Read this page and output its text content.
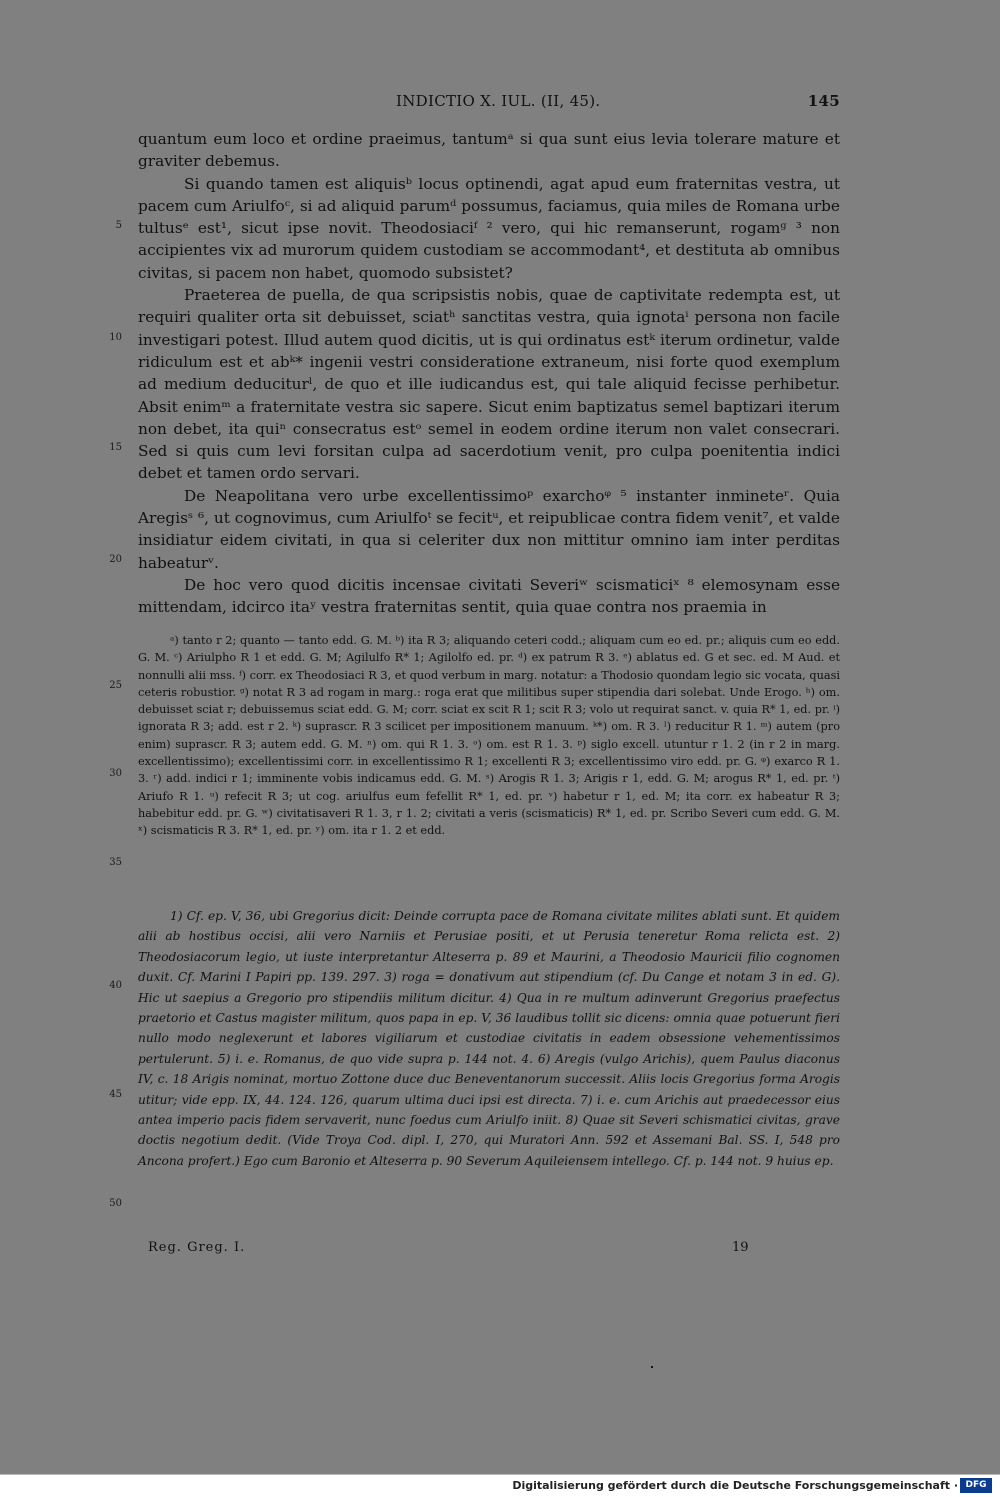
INDICTIO X. IUL. (II, 45).	145

quantum eum loco et ordine praeimus, tantumᵃ si qua sunt eius levia tolerare mature et graviter debemus.

Si quando tamen est aliquisᵇ locus optinendi, agat apud eum fraternitas vestra, ut pacem cum Ariulfoᶜ, si ad aliquid parumᵈ possumus, faciamus, quia miles de Romana urbe tultusᵉ est¹, sicut ipse novit. Theodosiaciᶠ ² vero, qui hic remanserunt, rogamᵍ ³ non accipientes vix ad murorum quidem custodiam se accommodant⁴, et destituta ab omnibus civitas, si pacem non habet, quomodo subsistet?

Praeterea de puella, de qua scripsistis nobis, quae de captivitate redempta est, ut requiri qualiter orta sit debuisset, sciatʰ sanctitas vestra, quia ignotaⁱ persona non facile investigari potest. Illud autem quod dicitis, ut is qui ordinatus estᵏ iterum ordinetur, valde ridiculum est et abᵏ* ingenii vestri consideratione extraneum, nisi forte quod exemplum ad medium deduciturˡ, de quo et ille iudicandus est, qui tale aliquid fecisse perhibetur. Absit enimᵐ a fraternitate vestra sic sapere. Sicut enim baptizatus semel baptizari iterum non debet, ita quiⁿ consecratus estᵒ semel in eodem ordine iterum non valet consecrari. Sed si quis cum levi forsitan culpa ad sacerdotium venit, pro culpa poenitentia indici debet et tamen ordo servari.

De Neapolitana vero urbe excellentissimoᵖ exarchoᵠ ⁵ instanter inmineteʳ. Quia Aregisˢ ⁶, ut cognovimus, cum Ariulfoᵗ se fecitᵘ, et reipublicae contra fidem venit⁷, et valde insidiatur eidem civitati, in qua si celeriter dux non mittitur omnino iam inter perditas habeaturᵛ.

De hoc vero quod dicitis incensae civitati Severiʷ scismaticiˣ ⁸ elemosynam esse mittendam, idcirco itaʸ vestra fraternitas sentit, quia quae contra nos praemia in

5
10
15
20
25
30
35
40
45
50

ᵃ) tanto r 2; quanto — tanto edd. G. M. ᵇ) ita R 3; aliquando ceteri codd.; aliquam cum eo ed. pr.; aliquis cum eo edd. G. M. ᶜ) Ariulpho R 1 et edd. G. M; Agilulfo R* 1; Agilolfo ed. pr. ᵈ) ex patrum R 3. ᵉ) ablatus ed. G et sec. ed. M Aud. et nonnulli alii mss. ᶠ) corr. ex Theodosiaci R 3, et quod verbum in marg. notatur: a Thodosio quondam legio sic vocata, quasi ceteris robustior. ᵍ) notat R 3 ad rogam in marg.: roga erat que militibus super stipendia dari solebat. Unde Erogo. ʰ) om. debuisset sciat r; debuissemus sciat edd. G. M; corr. sciat ex scit R 1; scit R 3; volo ut requirat sanct. v. quia R* 1, ed. pr. ⁱ) ignorata R 3; add. est r 2. ᵏ) suprascr. R 3 scilicet per impositionem manuum. ᵏ*) om. R 3. ˡ) reducitur R 1. ᵐ) autem (pro enim) suprascr. R 3; autem edd. G. M. ⁿ) om. qui R 1. 3. ᵒ) om. est R 1. 3. ᵖ) siglo excell. utuntur r 1. 2 (in r 2 in marg. excellentissimo); excellentissimi corr. in excellentissimo R 1; excellenti R 3; excellentissimo viro edd. pr. G. ᵠ) exarco R 1. 3. ʳ) add. indici r 1; imminente vobis indicamus edd. G. M. ˢ) Arogis R 1. 3; Arigis r 1, edd. G. M; arogus R* 1, ed. pr. ᵗ) Ariufo R 1. ᵘ) refecit R 3; ut cog. ariulfus eum fefellit R* 1, ed. pr. ᵛ) habetur r 1, ed. M; ita corr. ex habeatur R 3; habebitur edd. pr. G. ʷ) civitatisaveri R 1. 3, r 1. 2; civitati a veris (scismaticis) R* 1, ed. pr. Scribo Severi cum edd. G. M. ˣ) scismaticis R 3. R* 1, ed. pr. ʸ) om. ita r 1. 2 et edd.

1) Cf. ep. V, 36, ubi Gregorius dicit: Deinde corrupta pace de Romana civitate milites ablati sunt. Et quidem alii ab hostibus occisi, alii vero Narniis et Perusiae positi, et ut Perusia teneretur Roma relicta est. 2) Theodosiacorum legio, ut iuste interpretantur Alteserra p. 89 et Maurini, a Theodosio Mauricii filio cognomen duxit. Cf. Marini I Papiri pp. 139. 297. 3) roga = donativum aut stipendium (cf. Du Cange et notam 3 in ed. G). Hic ut saepius a Gregorio pro stipendiis militum dicitur. 4) Qua in re multum adinverunt Gregorius praefectus praetorio et Castus magister militum, quos papa in ep. V, 36 laudibus tollit sic dicens: omnia quae potuerunt fieri nullo modo neglexerunt et labores vigiliarum et custodiae civitatis in eadem obsessione vehementissimos pertulerunt. 5) i. e. Romanus, de quo vide supra p. 144 not. 4. 6) Aregis (vulgo Arichis), quem Paulus diaconus IV, c. 18 Arigis nominat, mortuo Zottone duce duc Beneventanorum successit. Aliis locis Gregorius forma Arogis utitur; vide epp. IX, 44. 124. 126, quarum ultima duci ipsi est directa. 7) i. e. cum Arichis aut praedecessor eius antea imperio pacis fidem servaverit, nunc foedus cum Ariulfo iniit. 8) Quae sit Severi schismatici civitas, grave doctis negotium dedit. (Vide Troya Cod. dipl. I, 270, qui Muratori Ann. 592 et Assemani Bal. SS. I, 548 pro Ancona profert.) Ego cum Baronio et Alteserra p. 90 Severum Aquileiensem intellego. Cf. p. 144 not. 9 huius ep.

Reg. Greg. I.	19
Digitalisierung gefördert durch die Deutsche Forschungsgemeinschaft · DFG
